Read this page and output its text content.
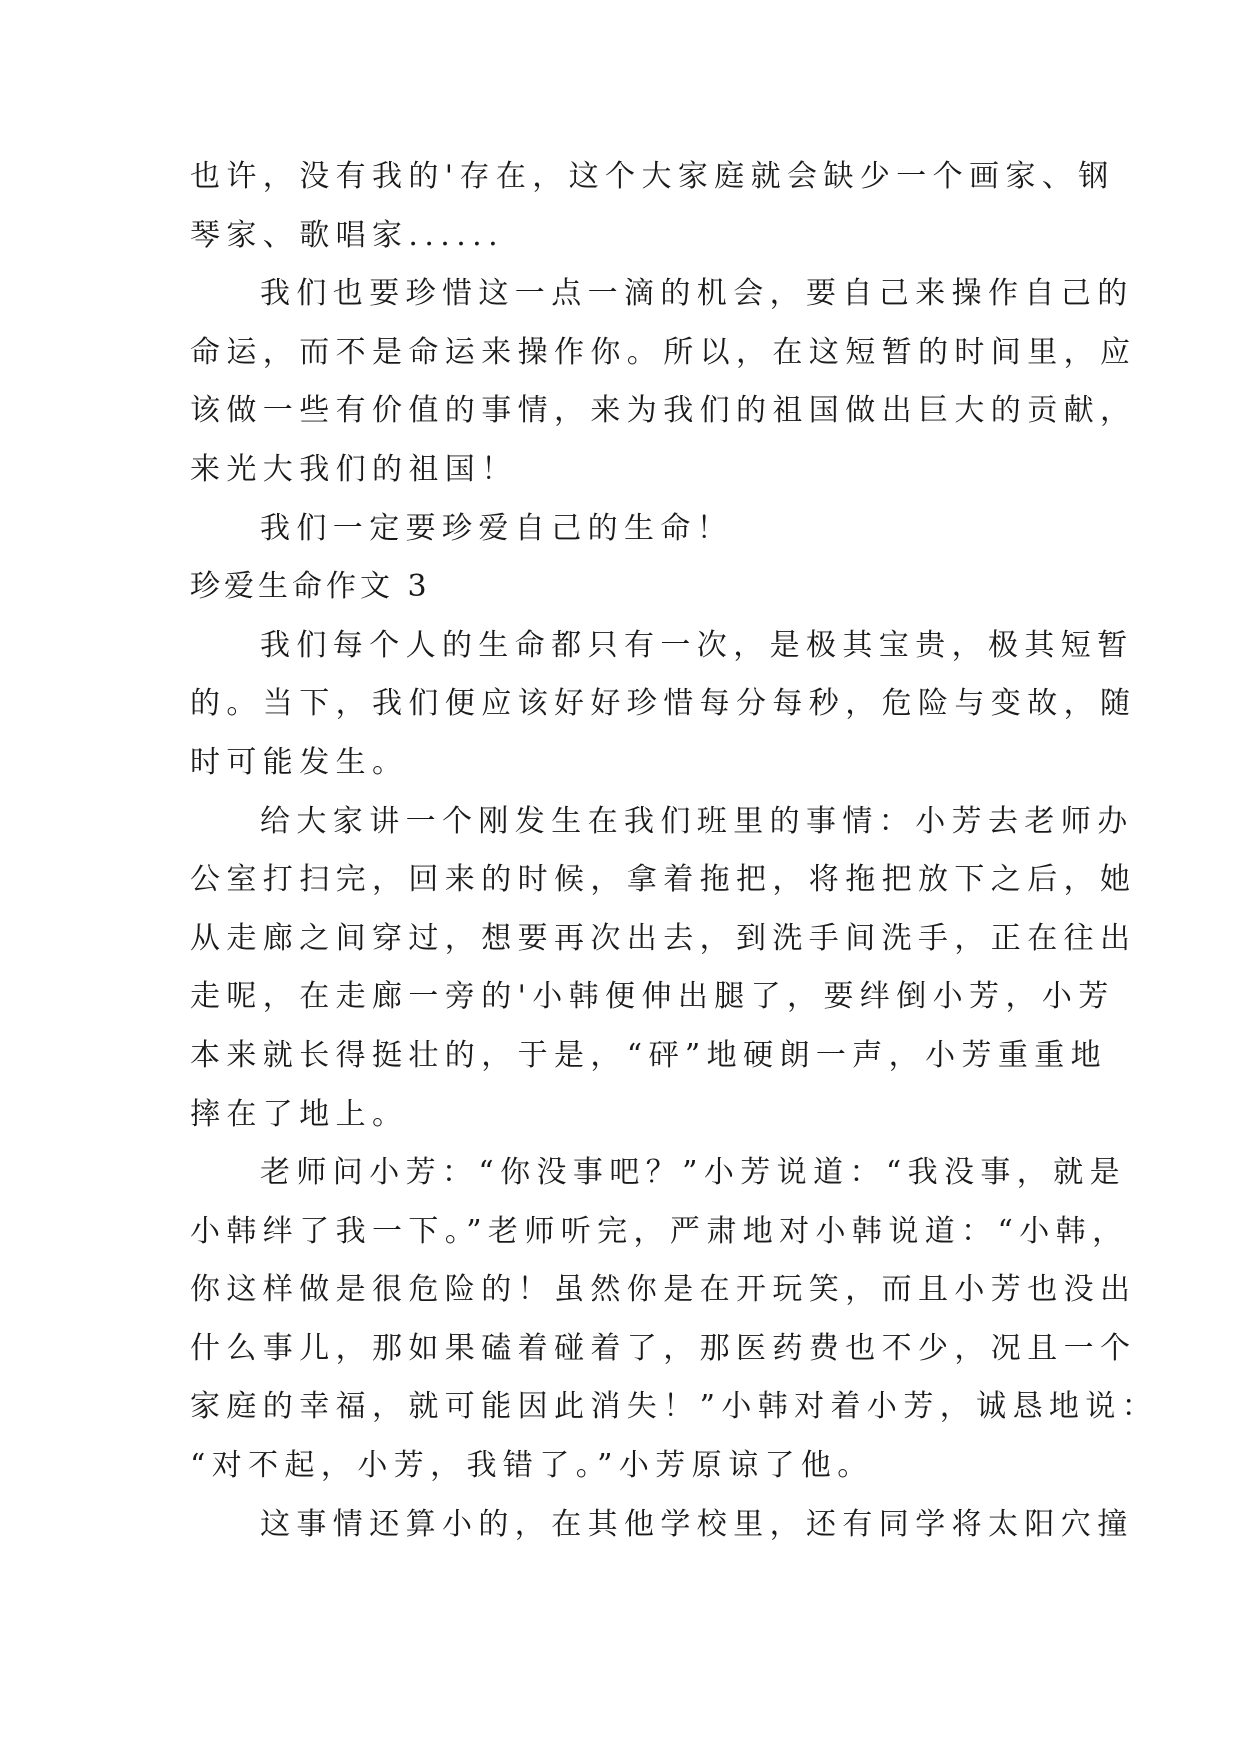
也许，没有我的'存在，这个大家庭就会缺少一个画家、钢
琴家、歌唱家......
我们也要珍惜这一点一滴的机会，要自己来操作自己的
命运，而不是命运来操作你。所以，在这短暂的时间里，应
该做一些有价值的事情，来为我们的祖国做出巨大的贡献，
来光大我们的祖国！
我们一定要珍爱自己的生命！
珍爱生命作文 3
我们每个人的生命都只有一次，是极其宝贵，极其短暂
的。当下，我们便应该好好珍惜每分每秒，危险与变故，随
时可能发生。
给大家讲一个刚发生在我们班里的事情：小芳去老师办
公室打扫完，回来的时候，拿着拖把，将拖把放下之后，她
从走廊之间穿过，想要再次出去，到洗手间洗手，正在往出
走呢，在走廊一旁的'小韩便伸出腿了，要绊倒小芳，小芳
本来就长得挺壮的，于是，“砰”地硬朗一声，小芳重重地
摔在了地上。
老师问小芳：“你没事吧？”小芳说道：“我没事，就是
小韩绊了我一下。”老师听完，严肃地对小韩说道：“小韩，
你这样做是很危险的！虽然你是在开玩笑，而且小芳也没出
什么事儿，那如果磕着碰着了，那医药费也不少，况且一个
家庭的幸福，就可能因此消失！”小韩对着小芳，诚恳地说：
“对不起，小芳，我错了。”小芳原谅了他。
这事情还算小的，在其他学校里，还有同学将太阳穴撞
